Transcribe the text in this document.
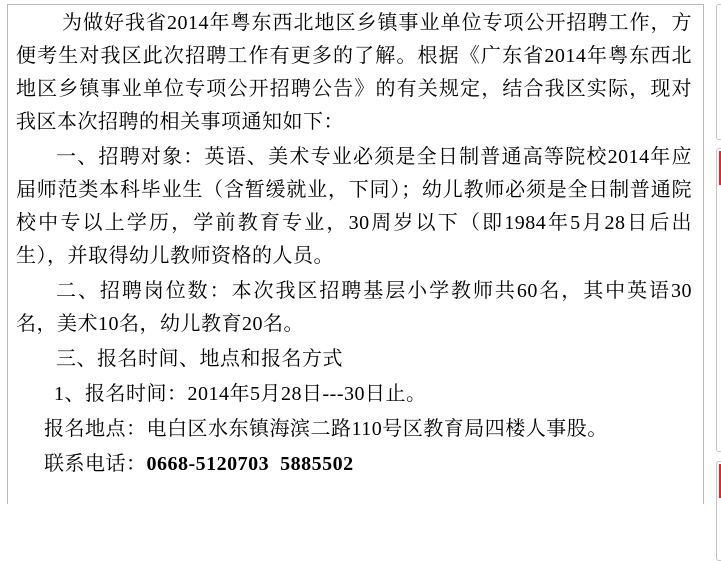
为做好我省2014年粤东西北地区乡镇事业单位专项公开招聘工作，方便考生对我区此次招聘工作有更多的了解。根据《广东省2014年粤东西北地区乡镇事业单位专项公开招聘公告》的有关规定，结合我区实际，现对我区本次招聘的相关事项通知如下：

一、招聘对象：英语、美术专业必须是全日制普通高等院校2014年应届师范类本科毕业生（含暂缓就业，下同）；幼儿教师必须是全日制普通院校中专以上学历，学前教育专业，30周岁以下（即1984年5月28日后出生），并取得幼儿教师资格的人员。

二、招聘岗位数：本次我区招聘基层小学教师共60名，其中英语30名，美术10名，幼儿教育20名。

三、报名时间、地点和报名方式

1、报名时间：2014年5月28日---30日止。

报名地点：电白区水东镇海滨二路110号区教育局四楼人事股。

联系电话：0668-5120703  5885502
